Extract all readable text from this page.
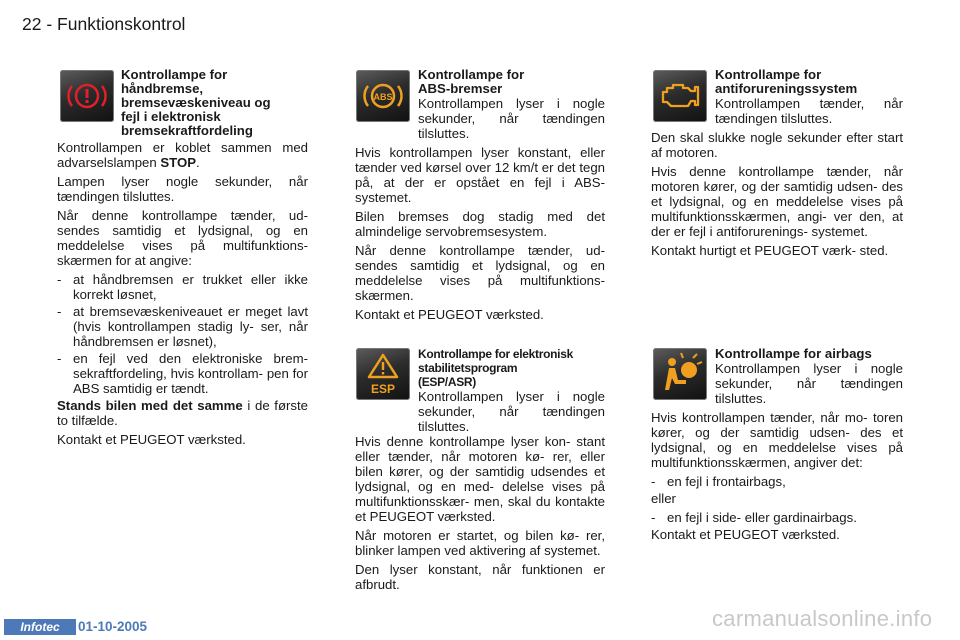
22 - Funktionskontrol
Kontrollampe for
håndbremse,
bremsevæskeniveau og
fejl i elektronisk
bremsekraftfordeling

Kontrollampen er koblet sammen med advarselslampen STOP.

Lampen lyser nogle sekunder, når tændingen tilsluttes.

Når denne kontrollampe tænder, ud- sendes samtidig et lydsignal, og en meddelelse vises på multifunktions- skærmen for at angive:

- at håndbremsen er trukket eller ikke korrekt løsnet,
- at bremsevæskeniveauet er meget lavt (hvis kontrollampen stadig ly- ser, når håndbremsen er løsnet),
- en fejl ved den elektroniske brem- sekraftfordeling, hvis kontrollam- pen for ABS samtidig er tændt.

Stands bilen med det samme i de første to tilfælde.

Kontakt et PEUGEOT værksted.

ABS
Kontrollampe for
ABS-bremser

Kontrollampen lyser i nogle sekunder, når tændingen tilsluttes.

Hvis kontrollampen lyser konstant, eller tænder ved kørsel over 12 km/t er det tegn på, at der er opstået en fejl i ABS-systemet.

Bilen bremses dog stadig med det almindelige servobremsesystem.

Når denne kontrollampe tænder, ud- sendes samtidig et lydsignal, og en meddelelse vises på multifunktions- skærmen.

Kontakt et PEUGEOT værksted.

ESP
Kontrollampe for elektronisk
stabilitetsprogram
(ESP/ASR)

Kontrollampen lyser i nogle sekunder, når tændingen tilsluttes.

Hvis denne kontrollampe lyser kon- stant eller tænder, når motoren kø- rer, eller bilen kører, og der samtidig udsendes et lydsignal, og en med- delelse vises på multifunktionsskær- men, skal du kontakte et PEUGEOT værksted.

Når motoren er startet, og bilen kø- rer, blinker lampen ved aktivering af systemet.

Den lyser konstant, når funktionen er afbrudt.

Kontrollampe for
antiforureningssystem

Kontrollampen tænder, når tændingen tilsluttes.

Den skal slukke nogle sekunder efter start af motoren.

Hvis denne kontrollampe tænder, når motoren kører, og der samtidig udsen- des et lydsignal, og en meddelelse vises på multifunktionsskærmen, angi- ver den, at der er fejl i antiforurenings- systemet.

Kontakt hurtigt et PEUGEOT værk- sted.

Kontrollampe for airbags

Kontrollampen lyser i nogle sekunder, når tændingen tilsluttes.

Hvis kontrollampen tænder, når mo- toren kører, og der samtidig udsen- des et lydsignal, og en meddelelse vises på multifunktionsskærmen, angiver det:

- en fejl i frontairbags,

eller

- en fejl i side- eller gardinairbags.

Kontakt et PEUGEOT værksted.

Infotec	01-10-2005	carmanualsonline.info
